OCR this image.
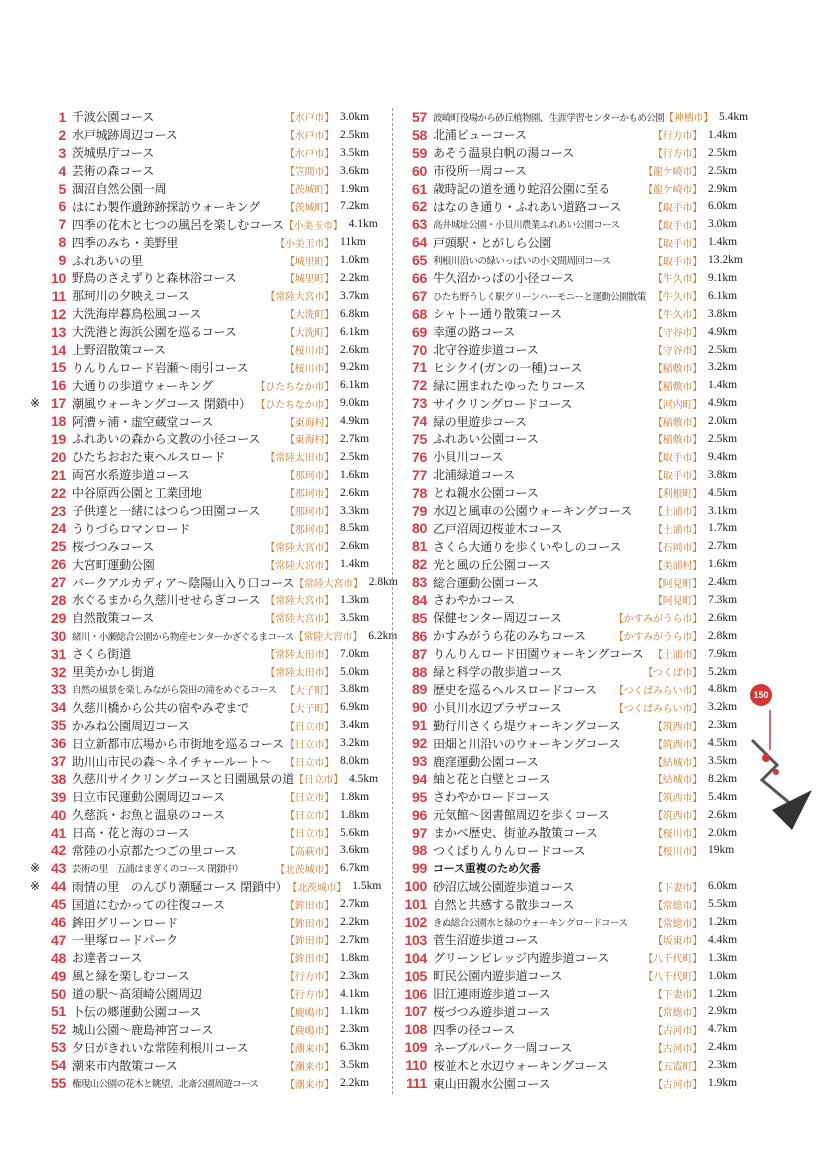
1 千波公園コース	【水戸市】 3.0km
2 水戸城跡周辺コース	【水戸市】 2.5km
3 茨城県庁コース	【水戸市】 3.5km
4 芸術の森コース	【笠間市】 3.6km
5 涸沼自然公園一周	【茨城町】 1.9km
6 はにわ製作遺跡跡探訪ウォーキング	【茨城町】 7.2km
7 四季の花木と七つの風呂を楽しむコース 【小美玉市】 4.1km
8 四季のみち・美野里	【小美玉市】 11km
9 ふれあいの里	【城里町】 1.0km
10 野鳥のさえずりと森林浴コース	【城里町】 2.2km
11 那珂川の夕映えコース	【常陸大宮市】 3.7km
12 大洗海岸暮鳥松風コース	【大洗町】 6.8km
13 大洗港と海浜公園を巡るコース	【大洗町】 6.1km
14 上野沼散策コース	【桜川市】 2.6km
15 りんりんロード岩瀬～雨引コース	【桜川市】 9.2km
16 大通りの歩道ウォーキング	【ひたちなか市】 6.1km
※ 17 潮風ウォーキングコース 閉鎖中） 【ひたちなか市】 9.0km
18 阿漕ヶ浦・虚空蔵堂コース	【東海村】 4.9km
19 ふれあいの森から文教の小径コース	【東海村】 2.7km
20 ひたちおおた東ヘルスロード	【常陸太田市】 2.5km
21 両宮水系遊歩道コース	【那珂市】 1.6km
22 中谷原西公園と工業団地	【那珂市】 2.6km
23 子供達と一緒にはつらつ田園コース	【那珂市】 3.3km
24 うりづらロマンロード	【那珂市】 8.5km
25 桜づつみコース	【常陸大宮市】 2.6km
26 大宮町運動公園	【常陸大宮市】 1.4km
27 バークアルカディア～陰陽山入り口コース 【常陸大宮市】 2.8km
28 水ぐるまから久慈川せせらぎコース 【常陸大宮市】 1.3km
29 自然散策コース	【常陸大宮市】 3.5km
30 緒川・小瀬総合公園から物産センターかざぐるまコース 【常陸大宮市】 6.2km
31 さくら街道	【常陸太田市】 7.0km
32 里美かかし街道	【常陸太田市】 5.0km
33 自然の風景を楽しみながら袋田の滝をめぐるコース 【大子町】 3.8km
34 久慈川橋から公共の宿やみぞまで	【大子町】 6.9km
35 かみね公園周辺コース	【日立市】 3.4km
36 日立新都市広場から市街地を巡るコース 【日立市】 3.2km
37 助川山市民の森～ネイチャールート～	【日立市】 8.0km
38 久慈川サイクリングコースと日園風景の道 【日立市】 4.5km
39 日立市民運動公園周辺コース	【日立市】 1.8km
40 久慈浜・お魚と温泉のコース	【日立市】 1.8km
41 日高・花と海のコース	【日立市】 5.6km
42 常陸の小京都たつごの里コース	【高萩市】 3.6km
※ 43 芸術の里　五浦はまぎくのコース 閉鎖中）	【北茨城市】 6.7km
※ 44 雨情の里　のんびり潮騒コース 閉鎖中） 【北茨城市】 1.5km
45 国道にむかっての往復コース	【鉾田市】 2.7km
46 鉾田グリーンロード	【鉾田市】 2.2km
47 一里塚ロードパーク	【鉾田市】 2.7km
48 お達者コース	【鉾田市】 1.8km
49 風と緑を楽しむコース	【行方市】 2.3km
50 道の駅～高須崎公園周辺	【行方市】 4.1km
51 卜伝の郷運動公園コース	【鹿嶋市】 1.1km
52 城山公園～鹿島神宮コース	【鹿嶋市】 2.3km
53 夕日がきれいな常陸利根川コース	【潮来市】 6.3km
54 潮来市内散策コース	【潮来市】 3.5km
55 権現山公園の花木と眺望、北斎公園周遊コース	【潮来市】 2.2km
57 波崎町役場から砂丘植物園、生涯学習センターかもめ公園 【神栖市】 5.4km
58 北浦ビューコース	【行方市】 1.4km
59 あそう温泉白帆の湯コース	【行方市】 2.5km
60 市役所一周コース	【龍ケ崎市】 2.5km
61 歳時記の道を通り蛇沼公園に至る	【龍ケ崎市】 2.9km
62 はなのき通り・ふれあい道路コース	【取手市】 6.0km
63 高井城址公園・小貝川農業ふれあい公園コース	【取手市】 3.0km
64 戸頭駅・とがしら公園	【取手市】 1.4km
65 利根川沿いの緑いっぱいの小文間周回コース	【取手市】 13.2km
66 牛久沼かっぱの小径コース	【牛久市】 9.1km
67 ひたち野うしく駅グリーンハーモニーと運動公園散策 【牛久市】 6.1km
68 シャトー通り散策コース	【牛久市】 3.8km
69 幸運の路コース	【守谷市】 4.9km
70 北守谷遊歩道コース	【守谷市】 2.5km
71 ヒシクイ(ガンの一種)コース	【稲敷市】 3.2km
72 緑に囲まれたゆったりコース	【稲敷市】 1.4km
73 サイクリングロードコース	【河内町】 4.9km
74 緑の里遊歩コース	【稲敷市】 2.0km
75 ふれあい公園コース	【稲敷市】 2.5km
76 小貝川コース	【取手市】 9.4km
77 北浦緑道コース	【取手市】 3.8km
78 とね親水公園コース	【利根町】 4.5km
79 水辺と風車の公園ウォーキングコース	【土浦市】 3.1km
80 乙戸沼周辺桜並木コース	【土浦市】 1.7km
81 さくら大通りを歩くいやしのコース	【石岡市】 2.7km
82 光と風の丘公園コース	【美浦村】 1.6km
83 総合運動公園コース	【阿見町】 2.4km
84 さわやかコース	【阿見町】 7.3km
85 保健センター周辺コース	【かすみがうら市】 2.6km
86 かすみがうら花のみちコース	【かすみがうら市】 2.8km
87 りんりんロード田園ウォーキングコース 【土浦市】 7.9km
88 緑と科学の散歩道コース	【つくば市】 5.2km
89 歴史を巡るヘルスロードコース	【つくばみらい市】 4.8km
90 小貝川水辺プラザコース	【つくばみらい市】 3.2km
91 勤行川さくら堤ウォーキングコース	【筑西市】 2.3km
92 田畑と川沿いのウォーキングコース	【筑西市】 4.5km
93 鹿窪運動公園コース	【結城市】 3.5km
94 紬と花と白壁とコース	【結城市】 8.2km
95 さわやかロードコース	【筑西市】 5.4km
96 元気館～図書館周辺を歩くコース	【筑西市】 2.6km
97 まかべ歴史、街並み散策コース	【桜川市】 2.0km
98 つくばりんりんロードコース	【桜川市】 19km
99 コース重複のため欠番
100 砂沼広域公園遊歩道コース	【下妻市】 6.0km
101 自然と共感する散歩コース	【常総市】 5.5km
102 きぬ総合公園水と緑のウォーキングロードコース	【常総市】 1.2km
103 菅生沼遊歩道コース	【坂東市】 4.4km
104 グリーンビレッジ内遊歩道コース	【八千代町】 1.3km
105 町民公園内遊歩道コース	【八千代町】 1.0km
106 旧江連雨遊歩道コース	【下妻市】 1.2km
107 桜づつみ遊歩道コース	【常総市】 2.9km
108 四季の径コース	【古河市】 4.7km
109 ネーブルパーク一周コース	【古河市】 2.4km
110 桜並木と水辺ウォーキングコース	【五霞町】 2.3km
111 東山田親水公園コース	【古河市】 1.9km
150
